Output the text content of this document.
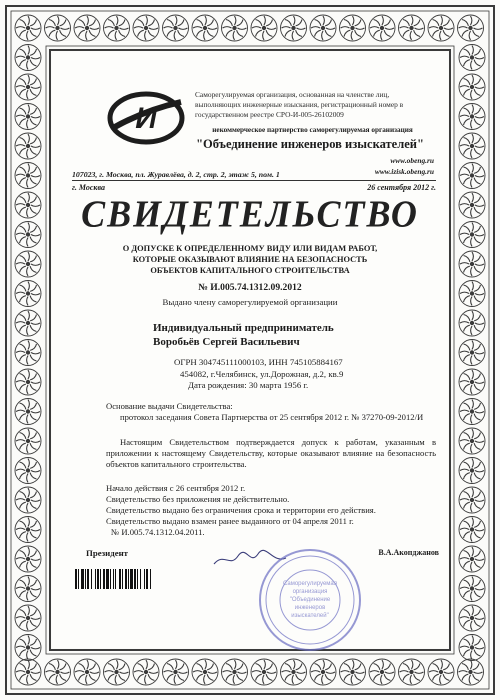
И
Саморегулируемая организация, основанная на членстве лиц, выполняющих инженерные изыскания, регистрационный номер в государственном реестре СРО-И-005-26102009
некоммерческое партнерство саморегулируемая организация
"Объединение инженеров изыскателей"
www.obeng.ru
www.izisk.obeng.ru
107023, г. Москва, пл. Журавлёва, д. 2, стр. 2, этаж 5, пом. 1
г. Москва	26 сентября 2012 г.
СВИДЕТЕЛЬСТВО
О ДОПУСКЕ К ОПРЕДЕЛЕННОМУ ВИДУ ИЛИ ВИДАМ РАБОТ,
КОТОРЫЕ ОКАЗЫВАЮТ ВЛИЯНИЕ НА БЕЗОПАСНОСТЬ
ОБЪЕКТОВ КАПИТАЛЬНОГО СТРОИТЕЛЬСТВА
№ И.005.74.1312.09.2012
Выдано члену саморегулируемой организации
Индивидуальный предприниматель
Воробьёв Сергей Васильевич
ОГРН 304745111000103, ИНН 745105884167
454082, г.Челябинск, ул.Дорожная, д.2, кв.9
Дата рождения: 30 марта 1956 г.
Основание выдачи Свидетельства:
протокол заседания Совета Партнерства от 25 сентября 2012 г. № 37270-09-2012/И
Настоящим Свидетельством подтверждается допуск к работам, указанным в приложении к настоящему Свидетельству, которые оказывают влияние на безопасность объектов капитального строительства.
Начало действия с 26 сентября 2012 г.
Свидетельство без приложения не действительно.
Свидетельство выдано без ограничения срока и территории его действия.
Свидетельство выдано взамен ранее выданного от 04 апреля 2011 г.
№ И.005.74.1312.04.2011.
Президент	В.А.Акопджанов
Саморегулируемая
организация
"Объединение
инженеров
изыскателей"
